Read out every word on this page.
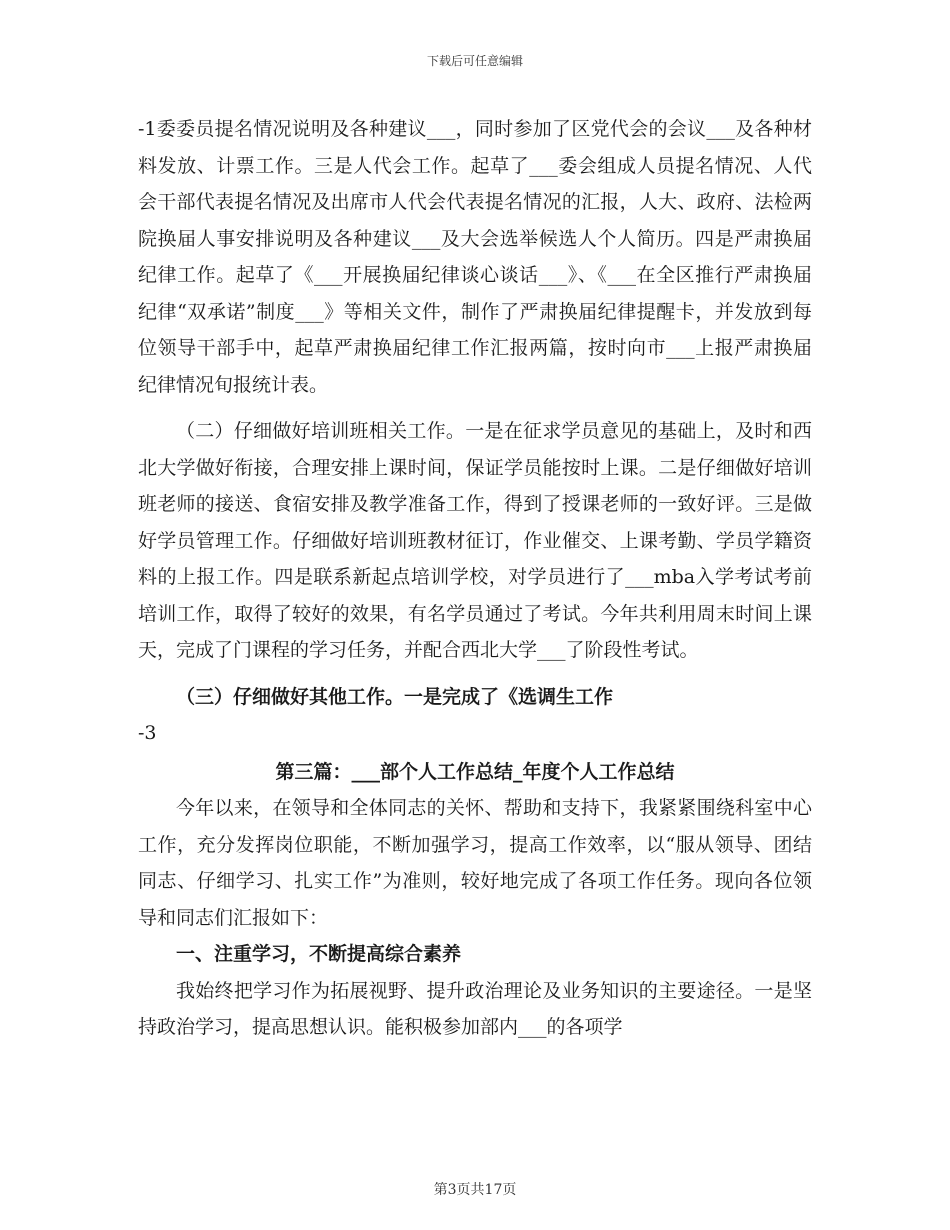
下载后可任意编辑

-1委委员提名情况说明及各种建议___，同时参加了区党代会的会议___及各种材料发放、计票工作。三是人代会工作。起草了___委会组成人员提名情况、人代会干部代表提名情况及出席市人代会代表提名情况的汇报，人大、政府、法检两院换届人事安排说明及各种建议___及大会选举候选人个人简历。四是严肃换届纪律工作。起草了《___开展换届纪律谈心谈话___》、《___在全区推行严肃换届纪律“双承诺”制度___》等相关文件，制作了严肃换届纪律提醒卡，并发放到每位领导干部手中，起草严肃换届纪律工作汇报两篇，按时向市___上报严肃换届纪律情况旬报统计表。

（二）仔细做好培训班相关工作。一是在征求学员意见的基础上，及时和西北大学做好衔接，合理安排上课时间，保证学员能按时上课。二是仔细做好培训班老师的接送、食宿安排及教学准备工作，得到了授课老师的一致好评。三是做好学员管理工作。仔细做好培训班教材征订，作业催交、上课考勤、学员学籍资料的上报工作。四是联系新起点培训学校，对学员进行了___mba入学考试考前培训工作，取得了较好的效果，有名学员通过了考试。今年共利用周末时间上课天，完成了门课程的学习任务，并配合西北大学___了阶段性考试。

（三）仔细做好其他工作。一是完成了《选调生工作

-3

第三篇：___部个人工作总结_年度个人工作总结

今年以来，在领导和全体同志的关怀、帮助和支持下，我紧紧围绕科室中心工作，充分发挥岗位职能，不断加强学习，提高工作效率，以“服从领导、团结同志、仔细学习、扎实工作”为准则，较好地完成了各项工作任务。现向各位领导和同志们汇报如下：

一、注重学习，不断提高综合素养

我始终把学习作为拓展视野、提升政治理论及业务知识的主要途径。一是坚持政治学习，提高思想认识。能积极参加部内___的各项学

第3页共17页
